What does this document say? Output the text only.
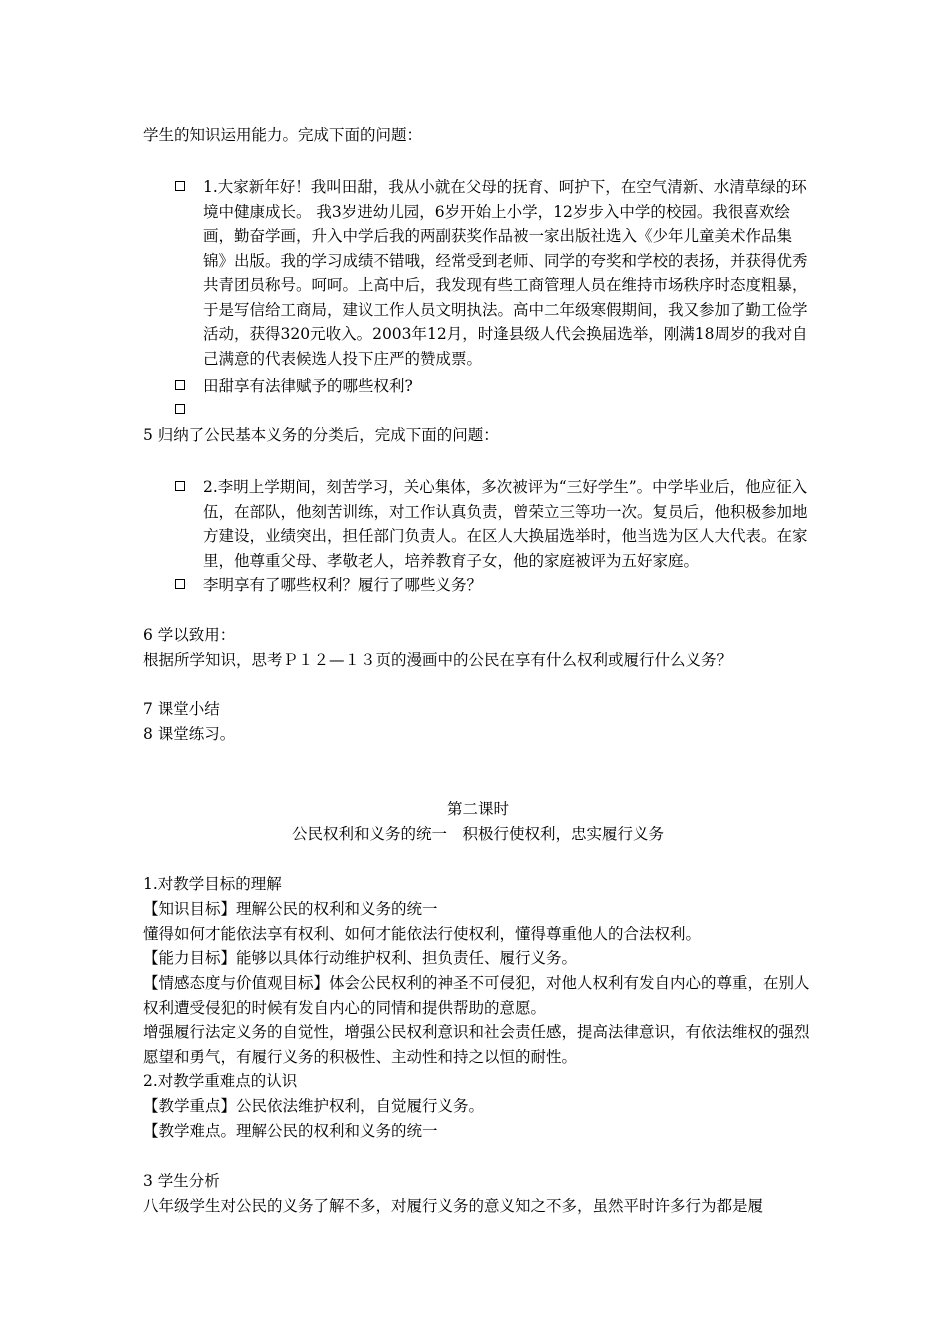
学生的知识运用能力。完成下面的问题：

1.大家新年好！我叫田甜，我从小就在父母的抚育、呵护下，在空气清新、水清草绿的环境中健康成长。 我3岁进幼儿园，6岁开始上小学，12岁步入中学的校园。我很喜欢绘画，勤奋学画，升入中学后我的两副获奖作品被一家出版社选入《少年儿童美术作品集锦》出版。我的学习成绩不错哦，经常受到老师、同学的夸奖和学校的表扬，并获得优秀共青团员称号。呵呵。上高中后，我发现有些工商管理人员在维持市场秩序时态度粗暴，于是写信给工商局，建议工作人员文明执法。高中二年级寒假期间，我又参加了勤工俭学活动，获得320元收入。2003年12月，时逢县级人代会换届选举，刚满18周岁的我对自己满意的代表候选人投下庄严的赞成票。

田甜享有法律赋予的哪些权利?

5 归纳了公民基本义务的分类后，完成下面的问题：

2.李明上学期间，刻苦学习，关心集体，多次被评为“三好学生”。中学毕业后，他应征入伍，在部队，他刻苦训练，对工作认真负责，曾荣立三等功一次。复员后，他积极参加地方建设，业绩突出，担任部门负责人。在区人大换届选举时，他当选为区人大代表。在家里，他尊重父母、孝敬老人，培养教育子女，他的家庭被评为五好家庭。

李明享有了哪些权利？履行了哪些义务？

6 学以致用：

根据所学知识，思考Ｐ１２—１３页的漫画中的公民在享有什么权利或履行什么义务？

7 课堂小结

8 课堂练习。

第二课时

公民权利和义务的统一　积极行使权利，忠实履行义务

1.对教学目标的理解

【知识目标】理解公民的权利和义务的统一

懂得如何才能依法享有权利、如何才能依法行使权利，懂得尊重他人的合法权利。

【能力目标】能够以具体行动维护权利、担负责任、履行义务。

【情感态度与价值观目标】体会公民权利的神圣不可侵犯，对他人权利有发自内心的尊重，在别人权利遭受侵犯的时候有发自内心的同情和提供帮助的意愿。

增强履行法定义务的自觉性，增强公民权利意识和社会责任感，提高法律意识，有依法维权的强烈愿望和勇气，有履行义务的积极性、主动性和持之以恒的耐性。

2.对教学重难点的认识

【教学重点】公民依法维护权利，自觉履行义务。

【教学难点。理解公民的权利和义务的统一

3 学生分析

八年级学生对公民的义务了解不多，对履行义务的意义知之不多，虽然平时许多行为都是履
